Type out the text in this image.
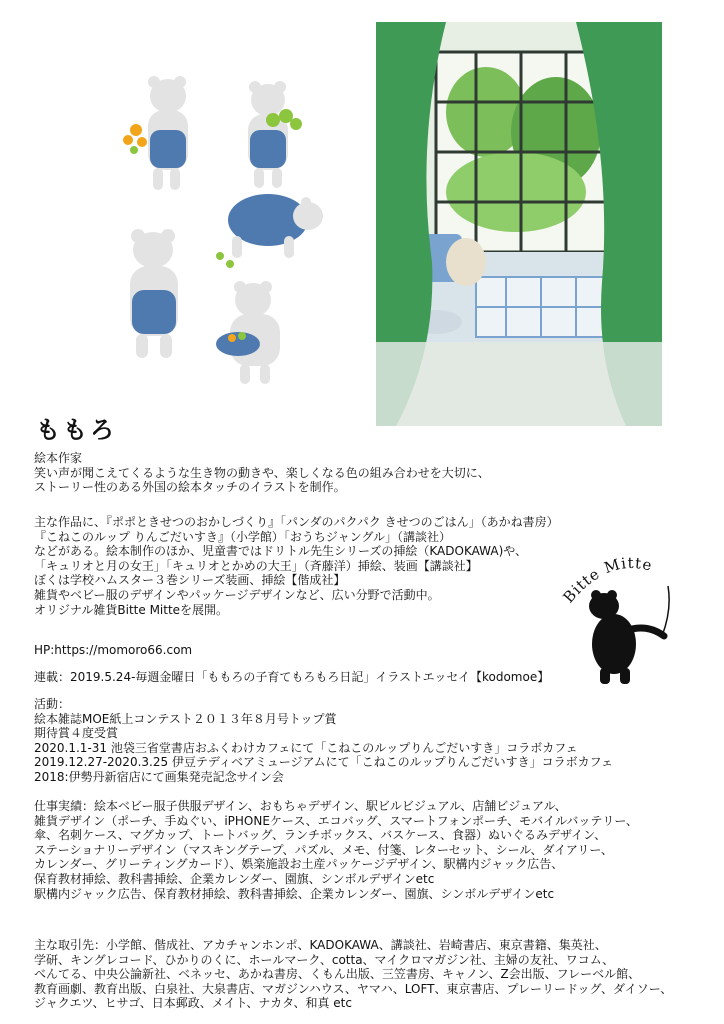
Bitte Mitte
ももろ
絵本作家
笑い声が聞こえてくるような生き物の動きや、楽しくなる色の組み合わせを大切に、
ストーリー性のある外国の絵本タッチのイラストを制作。
主な作品に、『ポポときせつのおかしづくり』「パンダのパクパク きせつのごはん」（あかね書房）
『こねこのルップ りんごだいすき』（小学館）「おうちジャングル」（講談社）
などがある。絵本制作のほか、児童書ではドリトル先生シリーズの挿絵（KADOKAWA)や、
「キュリオと月の女王」「キュリオとかめの大王」（斉藤洋）挿絵、装画【講談社】
ぼくは学校ハムスター３巻シリーズ装画、挿絵【偕成社】
雑貨やベビー服のデザインやパッケージデザインなど、広い分野で活動中。
オリジナル雑貨Bitte Mitteを展開。
HP:https://momoro66.com
連載：2019.5.24-毎週金曜日「ももろの子育てもろもろ日記」イラストエッセイ【kodomoe】
活動：
絵本雑誌MOE紙上コンテスト２０１３年８月号トップ賞
期待賞４度受賞
2020.1.1-31 池袋三省堂書店おふくわけカフェにて「こねこのルップりんごだいすき」コラボカフェ
2019.12.27-2020.3.25 伊豆テディベアミュージアムにて「こねこのルップりんごだいすき」コラボカフェ
2018:伊勢丹新宿店にて画集発売記念サイン会
仕事実績：絵本ベビー服子供服デザイン、おもちゃデザイン、駅ビルビジュアル、店舗ビジュアル、
雑貨デザイン（ポーチ、手ぬぐい、iPHONEケース、エコバッグ、スマートフォンポーチ、モバイルバッテリー、
傘、名刺ケース、マグカップ、トートバッグ、ランチボックス、バスケース、食器）ぬいぐるみデザイン、
ステーショナリーデザイン（マスキングテープ、パズル、メモ、付箋、レターセット、シール、ダイアリー、
カレンダー、グリーティングカード）、娯楽施設お土産パッケージデザイン、駅構内ジャック広告、
保育教材挿絵、教科書挿絵、企業カレンダー、園旗、シンボルデザインetc
駅構内ジャック広告、保育教材挿絵、教科書挿絵、企業カレンダー、園旗、シンボルデザインetc
主な取引先：小学館、偕成社、アカチャンホンポ、KADOKAWA、講談社、岩崎書店、東京書籍、集英社、
学研、キングレコード、ひかりのくに、ホールマーク、cotta、マイクロマガジン社、主婦の友社、ワコム、
べんてる、中央公論新社、ベネッセ、あかね書房、くもん出版、三笠書房、キャノン、Z会出版、フレーベル館、
教育画劇、教育出版、白泉社、大泉書店、マガジンハウス、ヤマハ、LOFT、東京書店、プレーリードッグ、ダイソー、
ジャクエツ、ヒサゴ、日本郵政、メイト、ナカタ、和真 etc
